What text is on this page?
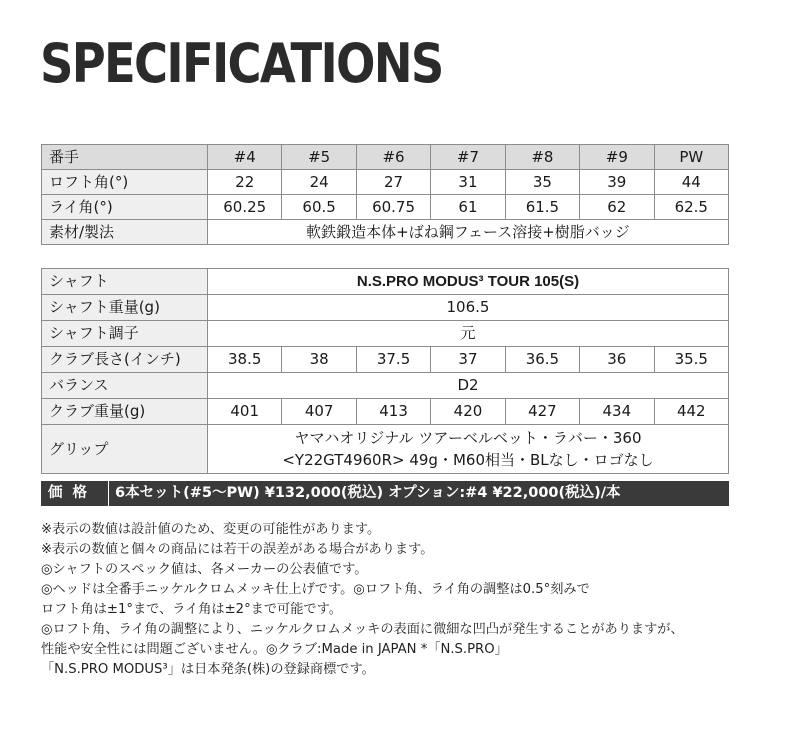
SPECIFICATIONS
番手	#4	#5	#6	#7	#8	#9	PW
ロフト角(°)	22	24	27	31	35	39	44
ライ角(°)	60.25	60.5	60.75	61	61.5	62	62.5
素材/製法	軟鉄鍛造本体+ばね鋼フェース溶接+樹脂バッジ						
シャフト	N.S.PRO MODUS³ TOUR 105(S)						
シャフト重量(g)	106.5						
シャフト調子	元						
クラブ長さ(インチ)	38.5	38	37.5	37	36.5	36	35.5
バランス	D2						
クラブ重量(g)	401	407	413	420	427	434	442
グリップ	ヤマハオリジナル ツアーベルベット・ラバー・360
<Y22GT4960R> 49g・M60相当・BLなし・ロゴなし						
価格 6本セット(#5〜PW) ¥132,000(税込) オプション:#4 ¥22,000(税込)/本
※表示の数値は設計値のため、変更の可能性があります。
※表示の数値と個々の商品には若干の誤差がある場合があります。
◎シャフトのスペック値は、各メーカーの公表値です。
◎ヘッドは全番手ニッケルクロムメッキ仕上げです。◎ロフト角、ライ角の調整は0.5°刻みで
ロフト角は±1°まで、ライ角は±2°まで可能です。
◎ロフト角、ライ角の調整により、ニッケルクロムメッキの表面に微細な凹凸が発生することがありますが、
性能や安全性には問題ございません。◎クラブ:Made in JAPAN *「N.S.PRO」
「N.S.PRO MODUS³」は日本発条(株)の登録商標です。
